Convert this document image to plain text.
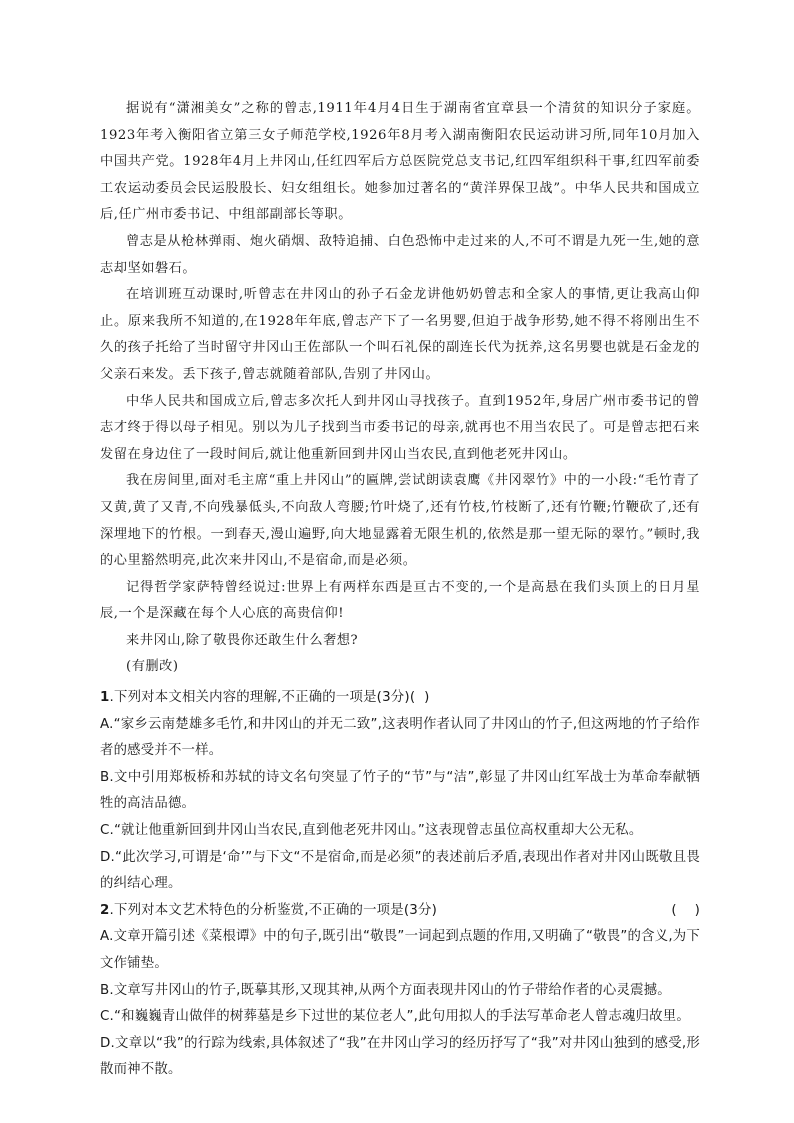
据说有“潇湘美女”之称的曾志,1911年4月4日生于湖南省宜章县一个清贫的知识分子家庭。1923年考入衡阳省立第三女子师范学校,1926年8月考入湖南衡阳农民运动讲习所,同年10月加入中国共产党。1928年4月上井冈山,任红四军后方总医院党总支书记,红四军组织科干事,红四军前委工农运动委员会民运股股长、妇女组组长。她参加过著名的“黄洋界保卫战”。中华人民共和国成立后,任广州市委书记、中组部副部长等职。

曾志是从枪林弹雨、炮火硝烟、敌特追捕、白色恐怖中走过来的人,不可不谓是九死一生,她的意志却坚如磐石。

在培训班互动课时,听曾志在井冈山的孙子石金龙讲他奶奶曾志和全家人的事情,更让我高山仰止。原来我所不知道的,在1928年年底,曾志产下了一名男婴,但迫于战争形势,她不得不将刚出生不久的孩子托给了当时留守井冈山王佐部队一个叫石礼保的副连长代为抚养,这名男婴也就是石金龙的父亲石来发。丢下孩子,曾志就随着部队,告别了井冈山。

中华人民共和国成立后,曾志多次托人到井冈山寻找孩子。直到1952年,身居广州市委书记的曾志才终于得以母子相见。别以为儿子找到当市委书记的母亲,就再也不用当农民了。可是曾志把石来发留在身边住了一段时间后,就让他重新回到井冈山当农民,直到他老死井冈山。

我在房间里,面对毛主席“重上井冈山”的匾牌,尝试朗读袁鹰《井冈翠竹》中的一小段:“毛竹青了又黄,黄了又青,不向残暴低头,不向敌人弯腰;竹叶烧了,还有竹枝,竹枝断了,还有竹鞭;竹鞭砍了,还有深埋地下的竹根。一到春天,漫山遍野,向大地显露着无限生机的,依然是那一望无际的翠竹。”顿时,我的心里豁然明亮,此次来井冈山,不是宿命,而是必须。

记得哲学家萨特曾经说过:世界上有两样东西是亘古不变的,一个是高悬在我们头顶上的日月星辰,一个是深藏在每个人心底的高贵信仰!

来井冈山,除了敬畏你还敢生什么奢想?

(有删改)

1.下列对本文相关内容的理解,不正确的一项是(3分)(  )

A.“家乡云南楚雄多毛竹,和井冈山的并无二致”,这表明作者认同了井冈山的竹子,但这两地的竹子给作者的感受并不一样。

B.文中引用郑板桥和苏轼的诗文名句突显了竹子的“节”与“洁”,彰显了井冈山红军战士为革命奉献牺牲的高洁品德。

C.“就让他重新回到井冈山当农民,直到他老死井冈山。”这表现曾志虽位高权重却大公无私。

D.“此次学习,可谓是‘命’”与下文“不是宿命,而是必须”的表述前后矛盾,表现出作者对井冈山既敬且畏的纠结心理。

2.下列对本文艺术特色的分析鉴赏,不正确的一项是(3分)	(    )

A.文章开篇引述《菜根谭》中的句子,既引出“敬畏”一词起到点题的作用,又明确了“敬畏”的含义,为下文作铺垫。

B.文章写井冈山的竹子,既摹其形,又现其神,从两个方面表现井冈山的竹子带给作者的心灵震撼。

C.“和巍巍青山做伴的树葬墓是乡下过世的某位老人”,此句用拟人的手法写革命老人曾志魂归故里。

D.文章以“我”的行踪为线索,具体叙述了“我”在井冈山学习的经历抒写了“我”对井冈山独到的感受,形散而神不散。
